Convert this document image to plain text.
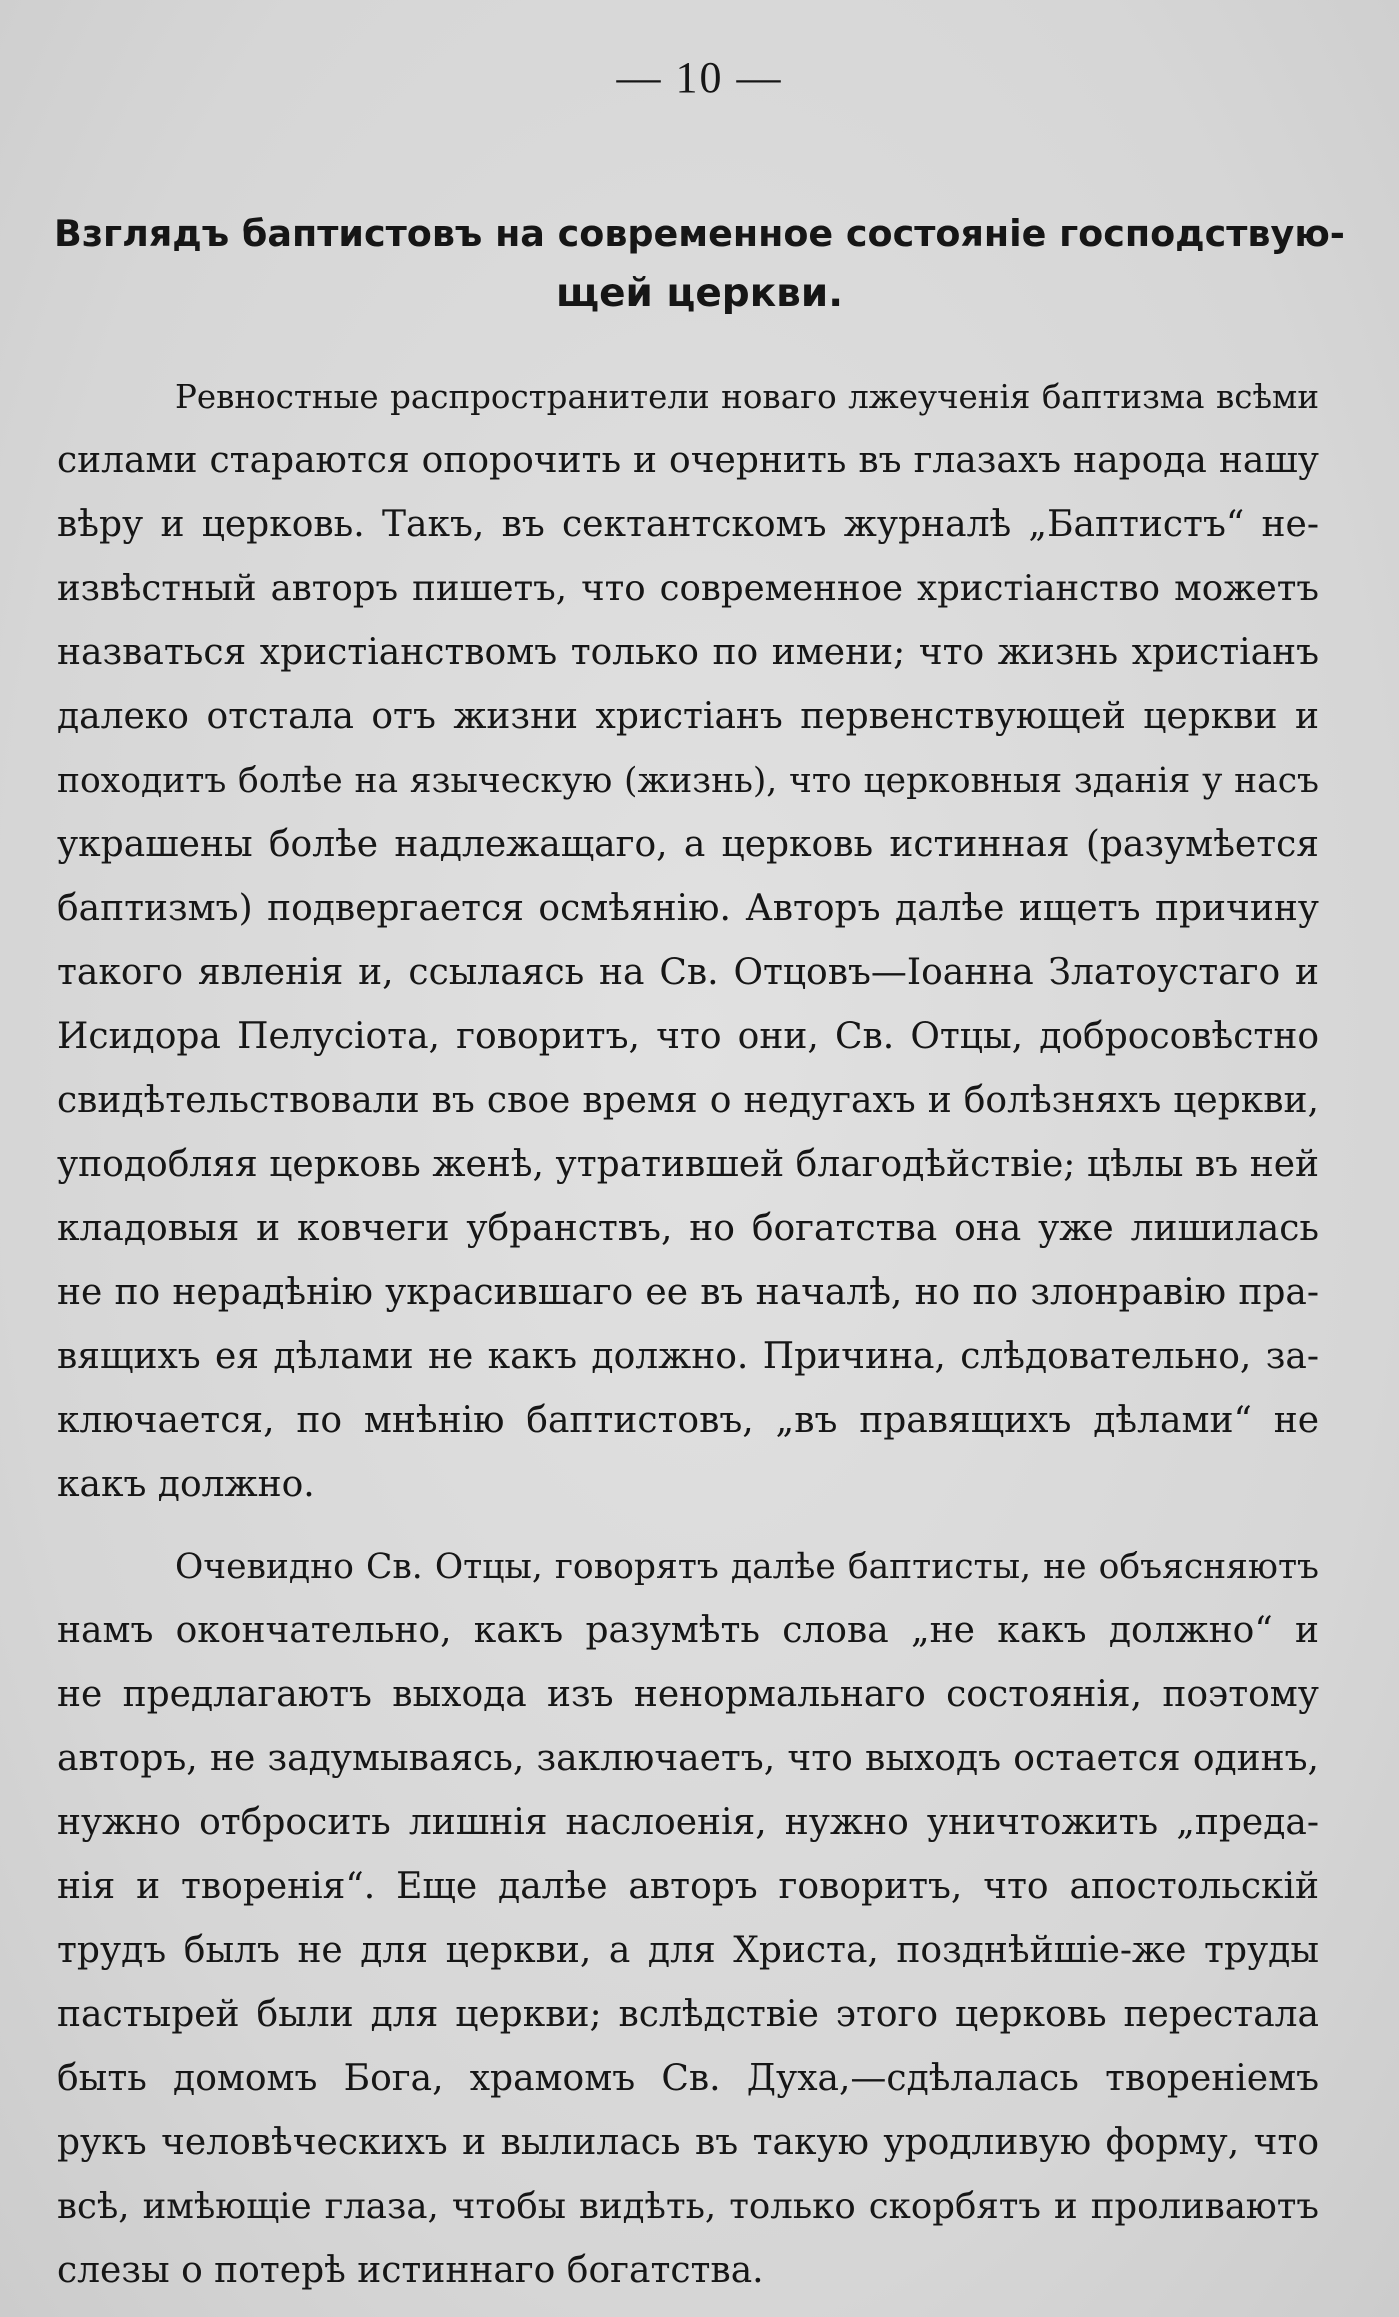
— 10 —
Взглядъ баптистовъ на современное состоянiе господствую-
щей церкви.
Ревностные распространители новаго лжеученiя баптизма всѣми
силами стараются опорочить и очернить въ глазахъ народа нашу
вѣру и церковь. Такъ, въ сектантскомъ журналѣ „Баптистъ“ не-
извѣстный авторъ пишетъ, что современное христiанство можетъ
назваться христiанствомъ только по имени; что жизнь христiанъ
далеко отстала отъ жизни христiанъ первенствующей церкви и
походитъ болѣе на языческую (жизнь), что церковныя зданiя у насъ
украшены болѣе надлежащаго, а церковь истинная (разумѣется
баптизмъ) подвергается осмѣянiю. Авторъ далѣе ищетъ причину
такого явленiя и, ссылаясь на Св. Отцовъ—Iоанна Златоустаго и
Исидора Пелусiота, говоритъ, что они, Св. Отцы, добросовѣстно
свидѣтельствовали въ свое время о недугахъ и болѣзняхъ церкви,
уподобляя церковь женѣ, утратившей благодѣйствiе; цѣлы въ ней
кладовыя и ковчеги убранствъ, но богатства она уже лишилась
не по нерадѣнiю украсившаго ее въ началѣ, но по злонравiю пра-
вящихъ ея дѣлами не какъ должно. Причина, слѣдовательно, за-
ключается, по мнѣнiю баптистовъ, „въ правящихъ дѣлами“ не
какъ должно.
Очевидно Св. Отцы, говорятъ далѣе баптисты, не объясняютъ
намъ окончательно, какъ разумѣть слова „не какъ должно“ и
не предлагаютъ выхода изъ ненормальнаго состоянiя, поэтому
авторъ, не задумываясь, заключаетъ, что выходъ остается одинъ,
нужно отбросить лишнiя наслоенiя, нужно уничтожить „преда-
нiя и творенiя“. Еще далѣе авторъ говоритъ, что апостольскiй
трудъ былъ не для церкви, а для Христа, позднѣйшiе-же труды
пастырей были для церкви; вслѣдствiе этого церковь перестала
быть домомъ Бога, храмомъ Св. Духа,—сдѣлалась творенiемъ
рукъ человѣческихъ и вылилась въ такую уродливую форму, что
всѣ, имѣющiе глаза, чтобы видѣть, только скорбятъ и проливаютъ
слезы о потерѣ истиннаго богатства.
